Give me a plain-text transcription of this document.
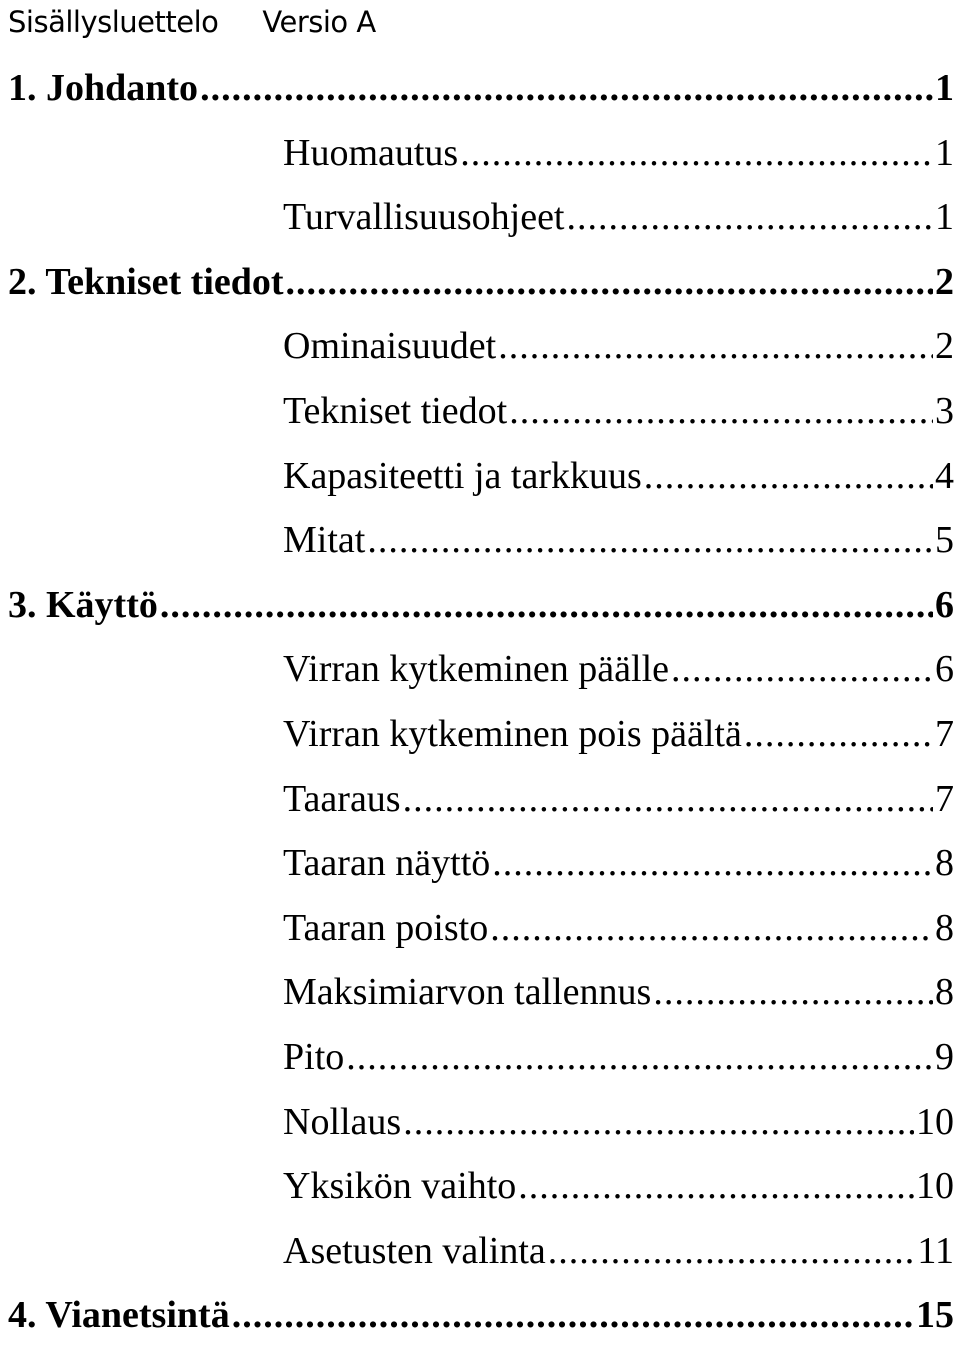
Sisällysluettelo Versio A
1. Johdanto .....	1
Huomautus .....	1
Turvallisuusohjeet .....	1
2. Tekniset tiedot .....	2
Ominaisuudet .....	2
Tekniset tiedot .....	3
Kapasiteetti ja tarkkuus .....	4
Mitat .....	5
3. Käyttö .....	6
Virran kytkeminen päälle .....	6
Virran kytkeminen pois päältä .....	7
Taaraus .....	7
Taaran näyttö .....	8
Taaran poisto .....	8
Maksimiarvon tallennus .....	8
Pito .....	9
Nollaus .....	10
Yksikön vaihto .....	10
Asetusten valinta .....	11
4. Vianetsintä .....	15
